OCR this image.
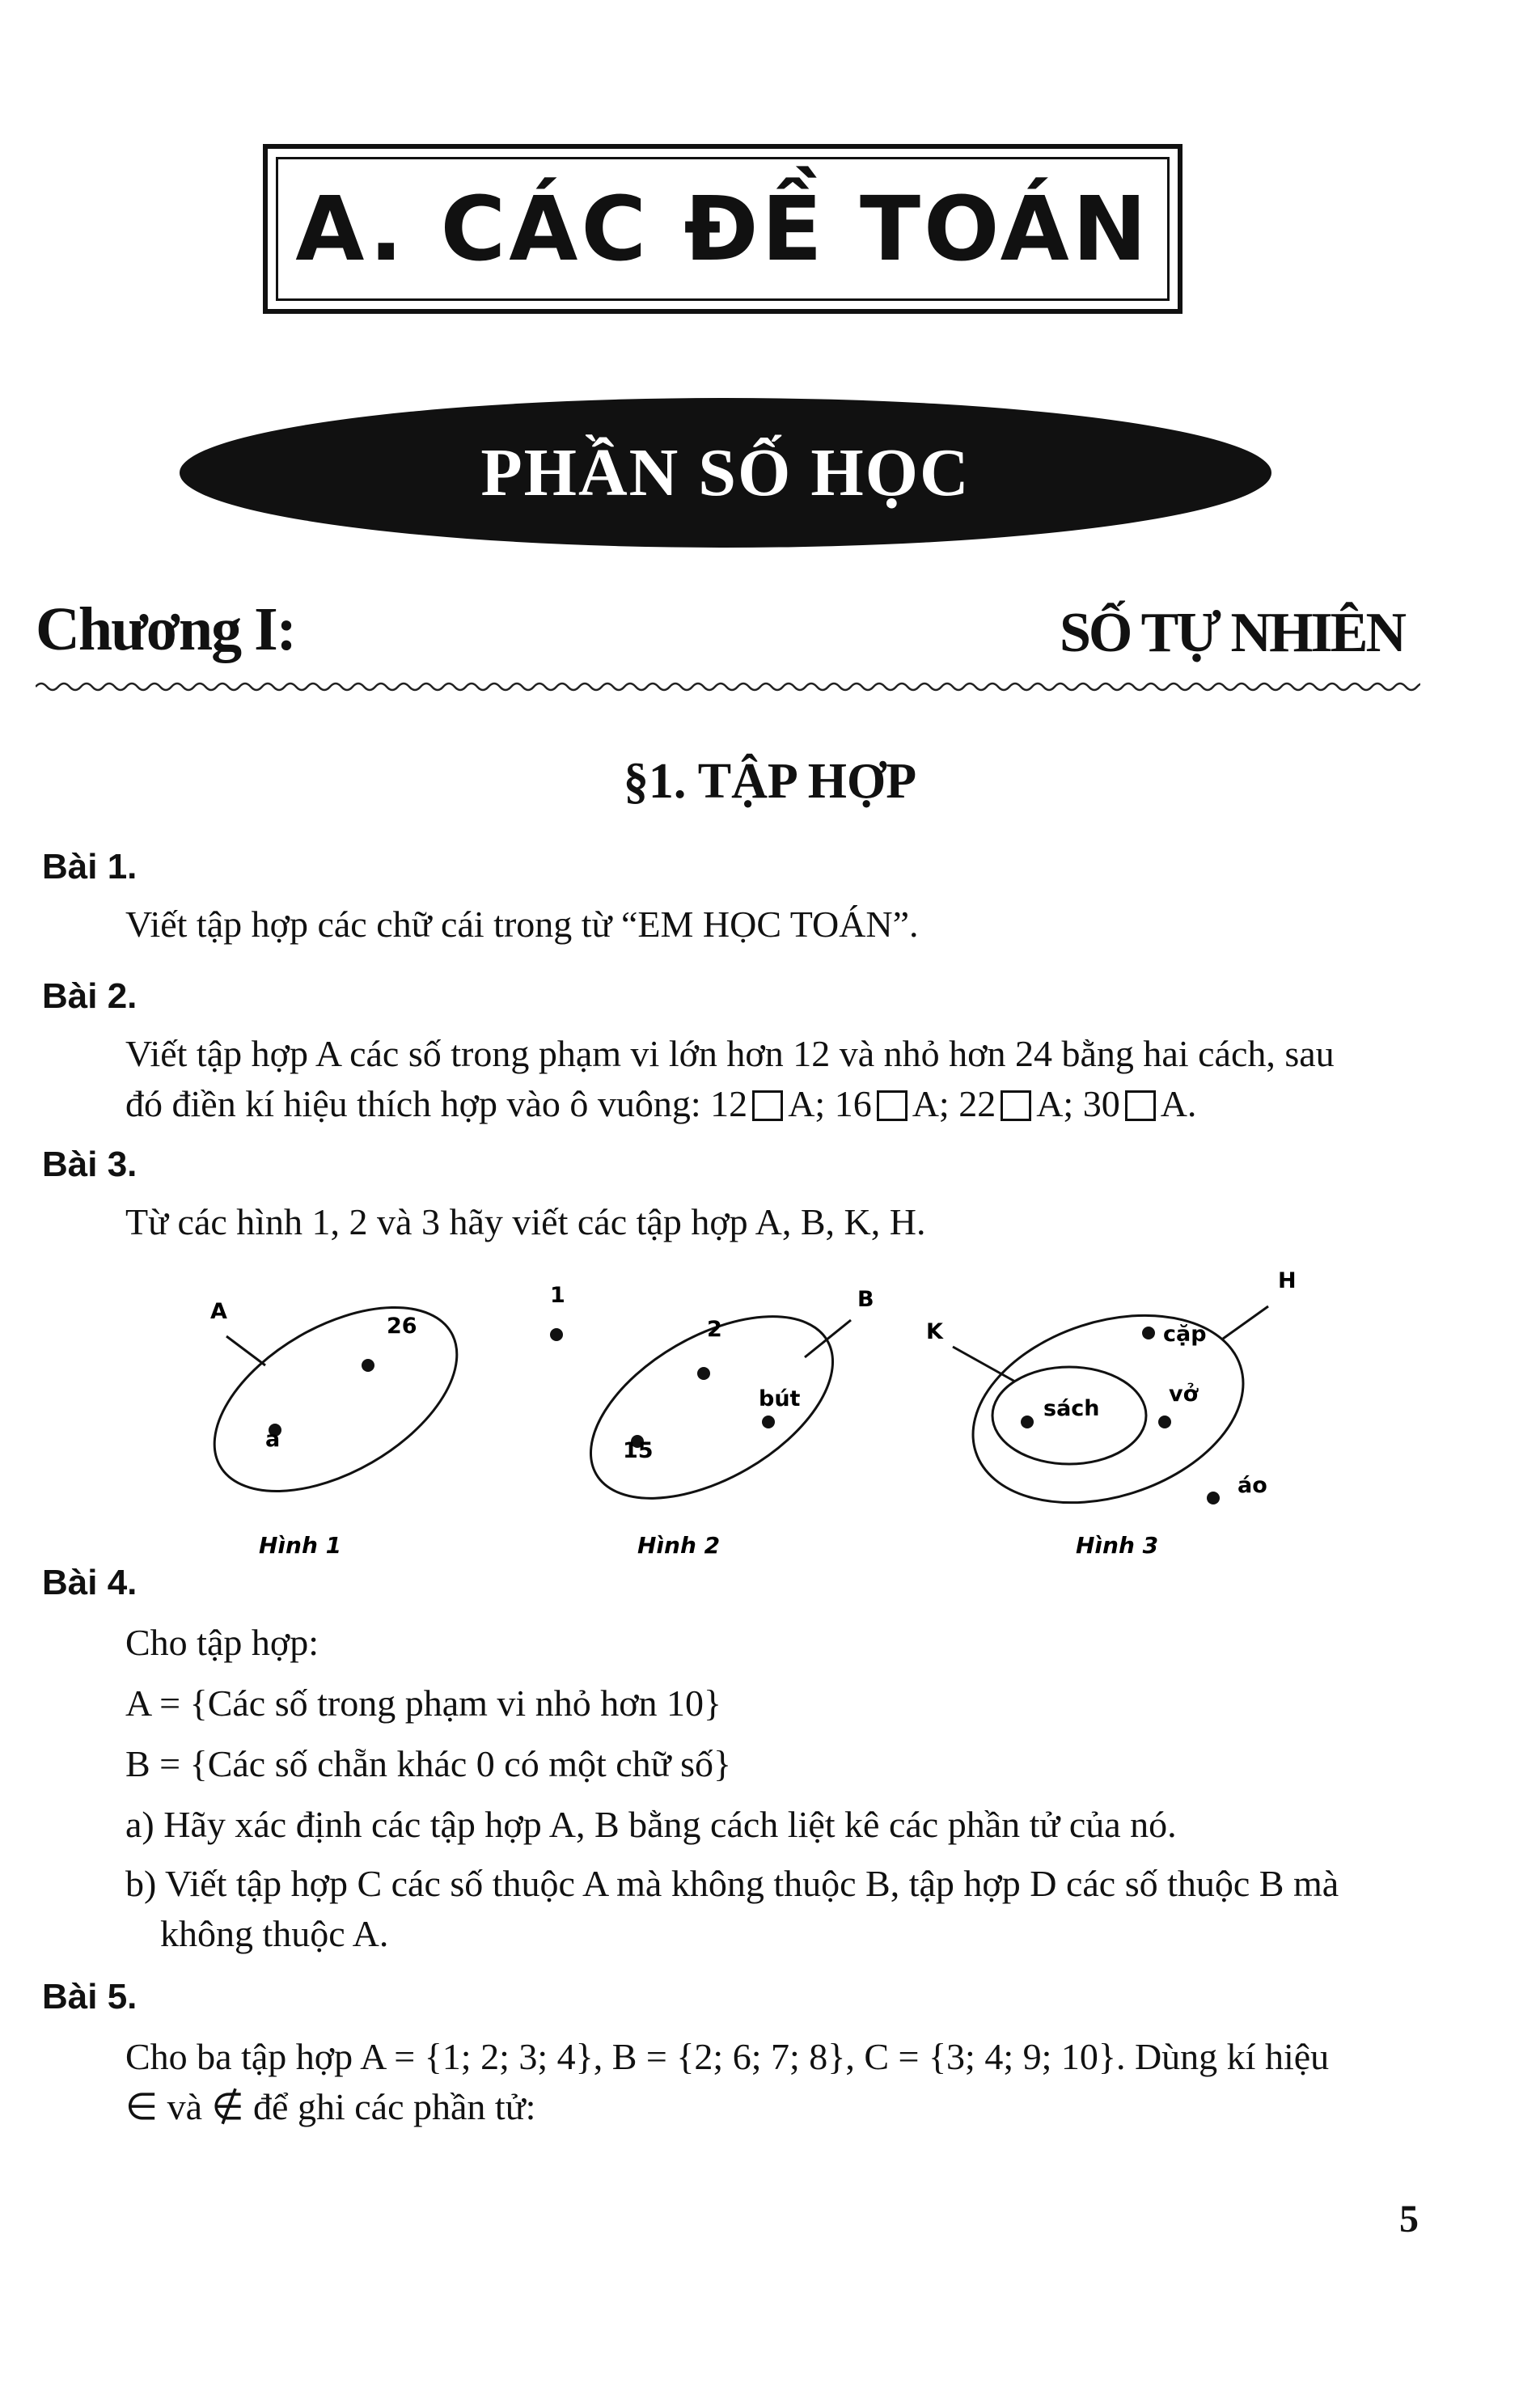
A. CÁC ĐỀ TOÁN
PHẦN SỐ HỌC
Chương I:	SỐ TỰ NHIÊN
§1. TẬP HỢP
Bài 1.
Viết tập hợp các chữ cái trong từ “EM HỌC TOÁN”.
Bài 2.
Viết tập hợp A các số trong phạm vi lớn hơn 12 và nhỏ hơn 24 bằng hai cách, sau
đó điền kí hiệu thích hợp vào ô vuông: 12 A; 16 A; 22 A; 30 A.
Bài 3.
Từ các hình 1, 2 và 3 hãy viết các tập hợp A, B, K, H.
A
26
a
Hình 1
1	B
2
bút
15
Hình 2
H
K	cặp
sách
vở
áo
Hình 3
Bài 4.
Cho tập hợp:
A = {Các số trong phạm vi nhỏ hơn 10}
B = {Các số chẵn khác 0 có một chữ số}
a) Hãy xác định các tập hợp A, B bằng cách liệt kê các phần tử của nó.
b) Viết tập hợp C các số thuộc A mà không thuộc B, tập hợp D các số thuộc B mà
không thuộc A.
Bài 5.
Cho ba tập hợp A = {1; 2; 3; 4}, B = {2; 6; 7; 8}, C = {3; 4; 9; 10}. Dùng kí hiệu
∈ và ∉ để ghi các phần tử:
5
